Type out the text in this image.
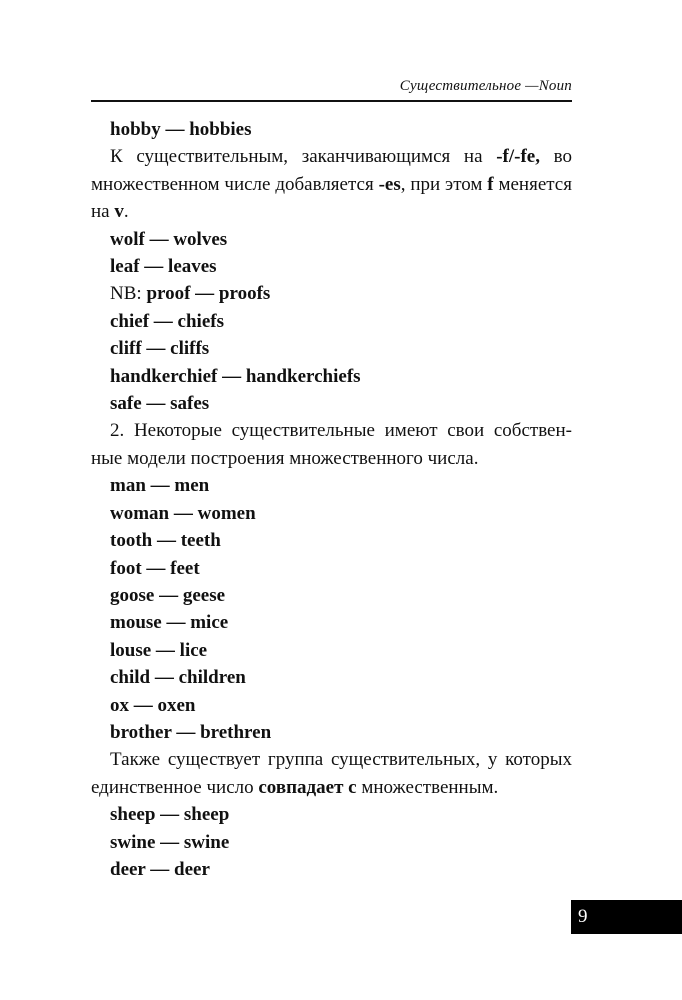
Существительное —Noun

hobby — hobbies

К существительным, заканчивающимся на -f/-fe, во множественном числе добавляется -es, при этом f меняется на v.

wolf — wolves

leaf — leaves

NB: proof — proofs

chief — chiefs

cliff — cliffs

handkerchief — handkerchiefs

safe — safes

2. Некоторые существительные имеют свои собственные модели построения множественного числа.

man — men

woman — women

tooth — teeth

foot — feet

goose — geese

mouse — mice

louse — lice

child — children

ox — oxen

brother — brethren

Также существует группа существительных, у которых единственное число совпадает с множественным.

sheep — sheep

swine — swine

deer — deer

9
